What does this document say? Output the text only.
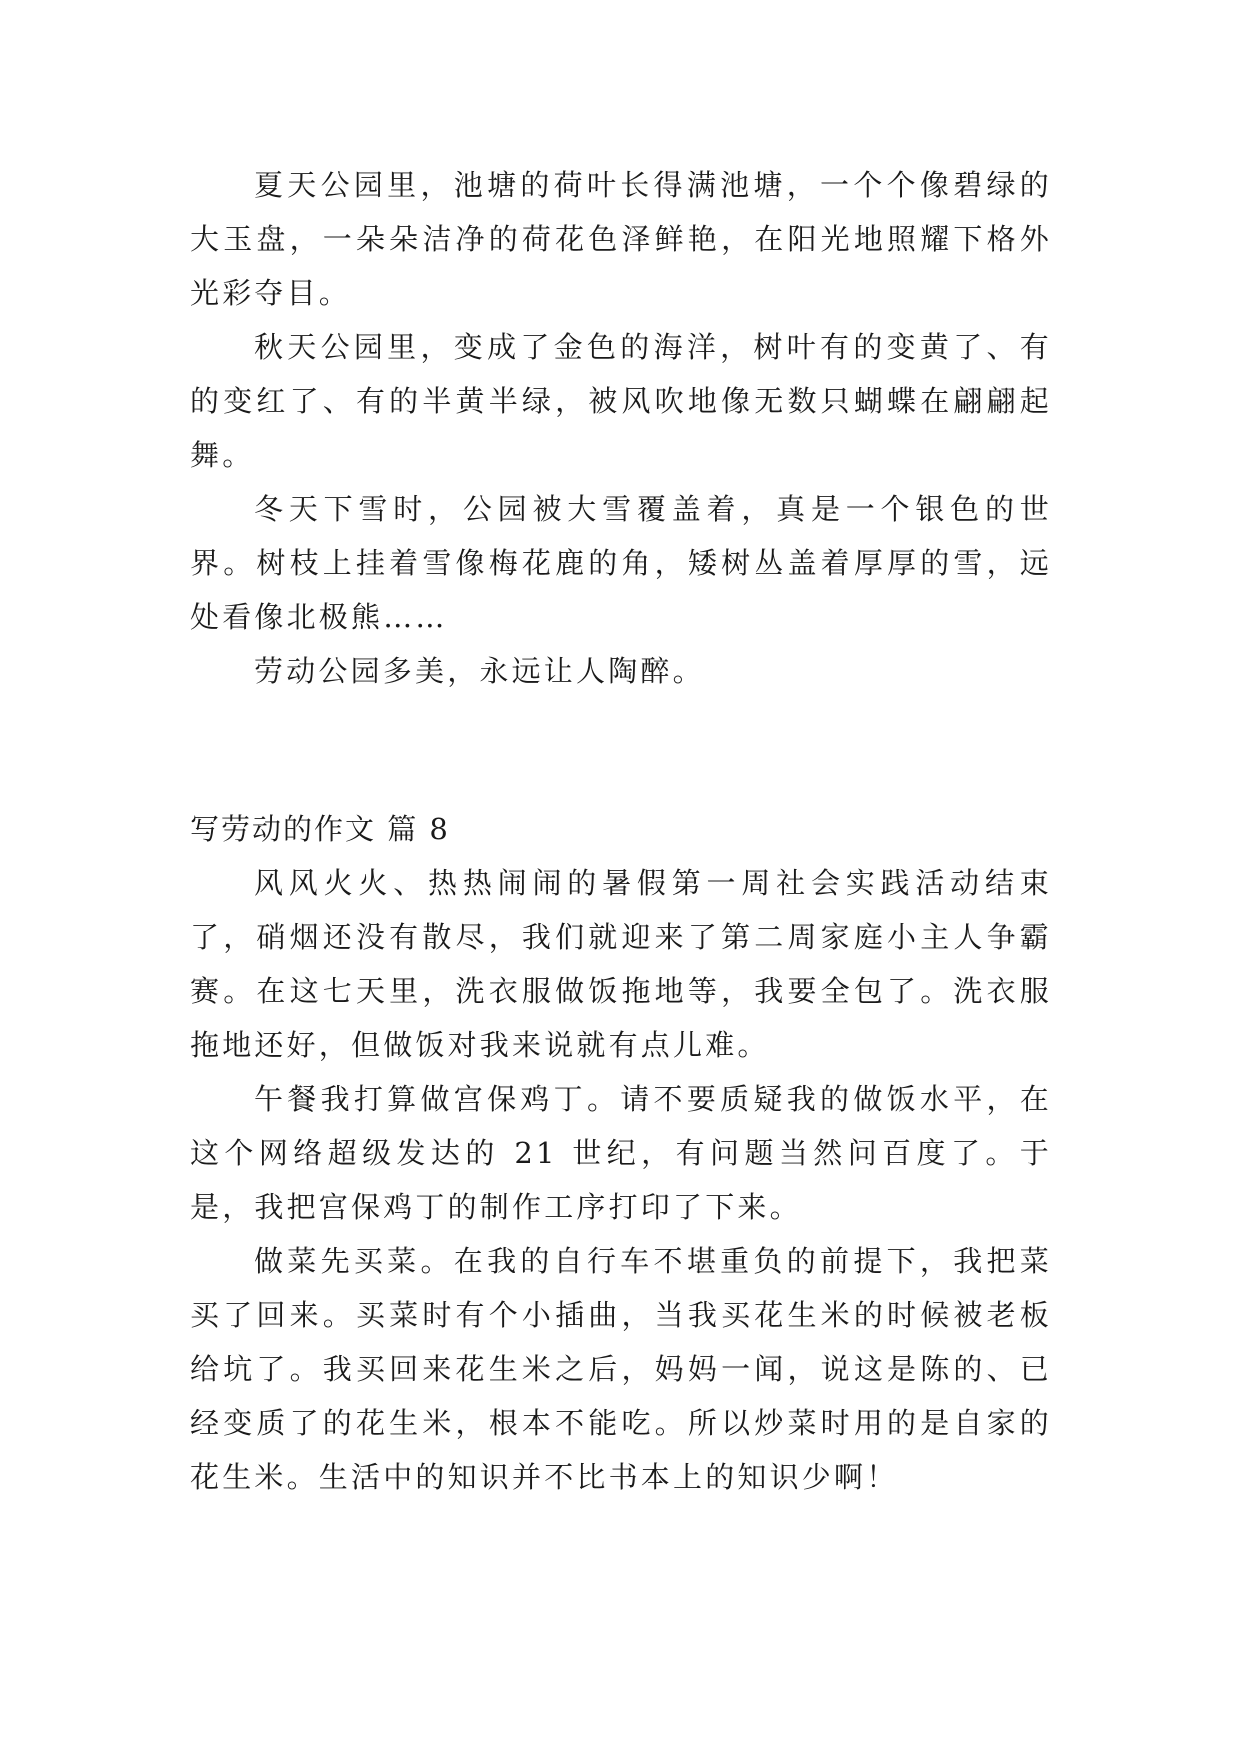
夏天公园里，池塘的荷叶长得满池塘，一个个像碧绿的大玉盘，一朵朵洁净的荷花色泽鲜艳，在阳光地照耀下格外光彩夺目。

秋天公园里，变成了金色的海洋，树叶有的变黄了、有的变红了、有的半黄半绿，被风吹地像无数只蝴蝶在翩翩起舞。

冬天下雪时，公园被大雪覆盖着，真是一个银色的世界。树枝上挂着雪像梅花鹿的角，矮树丛盖着厚厚的雪，远处看像北极熊……

劳动公园多美，永远让人陶醉。

写劳动的作文 篇 8

风风火火、热热闹闹的暑假第一周社会实践活动结束了，硝烟还没有散尽，我们就迎来了第二周家庭小主人争霸赛。在这七天里，洗衣服做饭拖地等，我要全包了。洗衣服拖地还好，但做饭对我来说就有点儿难。

午餐我打算做宫保鸡丁。请不要质疑我的做饭水平，在这个网络超级发达的 21 世纪，有问题当然问百度了。于是，我把宫保鸡丁的制作工序打印了下来。

做菜先买菜。在我的自行车不堪重负的前提下，我把菜买了回来。买菜时有个小插曲，当我买花生米的时候被老板给坑了。我买回来花生米之后，妈妈一闻，说这是陈的、已经变质了的花生米，根本不能吃。所以炒菜时用的是自家的花生米。生活中的知识并不比书本上的知识少啊！
